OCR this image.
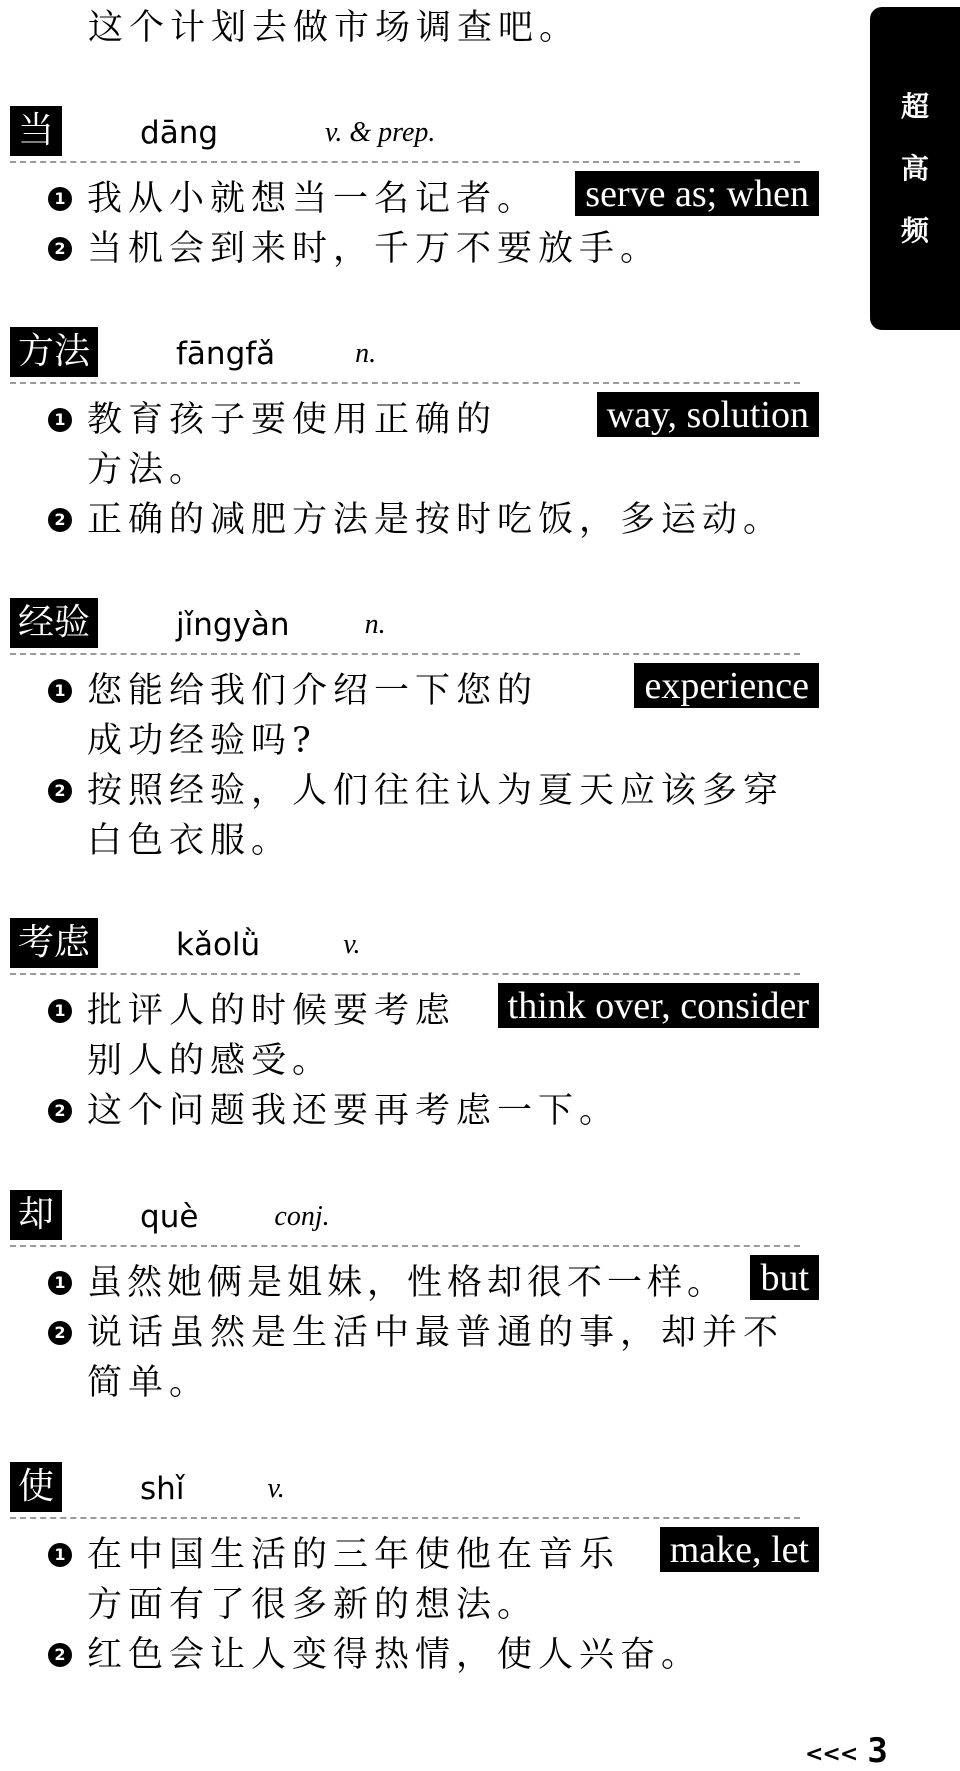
这个计划去做市场调查吧。
超
高
频
当	dāng	v. & prep.
serve as; when
1 我从小就想当一名记者。
2 当机会到来时，千万不要放手。
方法	fāngfǎ	n.
way, solution
1 教育孩子要使用正确的
方法。
2 正确的减肥方法是按时吃饭，多运动。
经验	jǐngyàn	n.
experience
1 您能给我们介绍一下您的
成功经验吗?
2 按照经验，人们往往认为夏天应该多穿
白色衣服。
考虑	kǎolǜ	v.
think over, consider
1 批评人的时候要考虑
别人的感受。
2 这个问题我还要再考虑一下。
却	què	conj.
but
1 虽然她俩是姐妹，性格却很不一样。
2 说话虽然是生活中最普通的事，却并不
简单。
使	shǐ	v.
make, let
1 在中国生活的三年使他在音乐
方面有了很多新的想法。
2 红色会让人变得热情，使人兴奋。
<<< 3
